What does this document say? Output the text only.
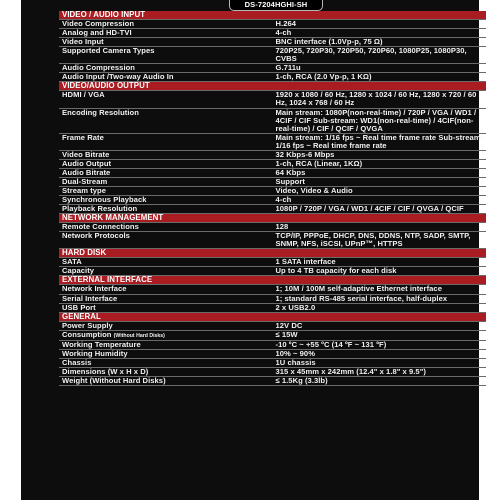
DS-7204HGHI-SH
VIDEO / AUDIO INPUT	
Video Compression	H.264
Analog and HD-TVI	4-ch
Video Input	BNC interface (1.0Vp-p, 75 Ω)
Supported Camera Types	720P25, 720P30, 720P50, 720P60, 1080P25, 1080P30, CVBS
Audio Compression	G.711u
Audio Input /Two-way Audio In	1-ch, RCA (2.0 Vp-p, 1 KΩ)
VIDEO/AUDIO OUTPUT	
HDMI / VGA	1920 x 1080 / 60 Hz, 1280 x 1024 / 60 Hz, 1280 x 720 / 60 Hz, 1024 x 768 / 60 Hz
Encoding Resolution	Main stream: 1080P(non-real-time) / 720P / VGA / WD1 / 4CIF / CIF Sub-stream: WD1(non-real-time) / 4CIF(non-real-time) / CIF / QCIF / QVGA
Frame Rate	Main stream: 1/16 fps ~ Real time frame rate Sub-stream: 1/16 fps ~ Real time frame rate
Video Bitrate	32 Kbps-6 Mbps
Audio Output	1-ch, RCA (Linear, 1KΩ)
Audio Bitrate	64 Kbps
Dual-Stream	Support
Stream type	Video, Video & Audio
Synchronous Playback	4-ch
Playback Resolution	1080P / 720P / VGA / WD1 / 4CIF / CIF / QVGA / QCIF
NETWORK MANAGEMENT	
Remote Connections	128
Network Protocols	TCP/IP, PPPoE, DHCP, DNS, DDNS, NTP, SADP, SMTP, SNMP, NFS, iSCSI, UPnP™, HTTPS
HARD DISK	
SATA	1 SATA interface
Capacity	Up to 4 TB capacity for each disk
EXTERNAL INTERFACE	
Network Interface	1; 10M / 100M self-adaptive Ethernet interface
Serial Interface	1; standard RS-485 serial interface, half-duplex
USB Port	2 x USB2.0
GENERAL	
Power Supply	12V DC
Consumption (Without Hard Disks)	≤ 15W
Working Temperature	-10 ºC ~ +55 ºC (14 ºF ~ 131 ºF)
Working Humidity	10% ~ 90%
Chassis	1U chassis
Dimensions (W x H x D)	315 x 45mm x 242mm (12.4" x 1.8" x 9.5")
Weight (Without Hard Disks)	≤ 1.5Kg (3.3lb)
